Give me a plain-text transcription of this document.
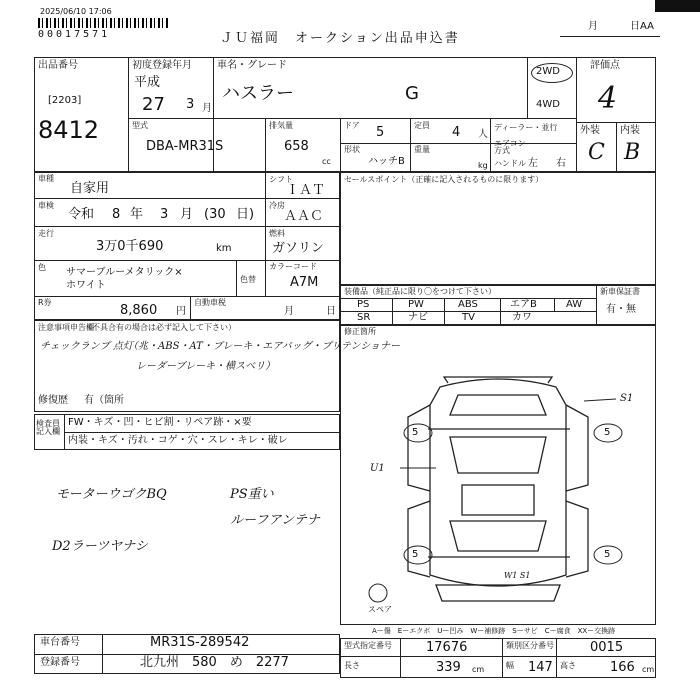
2025/06/10 17:06
00017571	ＪＵ福岡　オークション出品申込書
月	日AA
出品番号
[2203]
8412
初度登録年月
平成
27 3 月
車名・グレード
ハスラー	G
2WD
4WD
型式
DBA-MR31S
排気量
658
cc
ドア 5	定員 4 人
形状
ハッチB
重量
kg
ディーラー・並行
エアコン
方式
ハンドル 左 右
評価点
4
外装 内装
C B
車種
自家用
車検
令和 8 年 3 月 (30 日)
走行
3万0千690	km
色 サマーブルーメタリック×
ホワイト
色替
シフト
ＩＡＴ
冷房
ＡＡＣ
燃料
ガソリン
カラーコード
A7M
R券
8,860 円
自動車税
月	日
セールスポイント（正確に記入されるものに限ります）
装備品（純正品に限り〇をつけて下さい）	新車保証書
有・無
PS	PW	ABS	エアB	AW
SR	ナビ	TV	カワ
注意事項申告欄
（不具合有の場合は必ず記入して下さい）
チェックランプ 点灯
（兆・ABS・AT・ブレーキ・エアバッグ・プリテンショナー
レーダーブレーキ・横スベリ）
修復歴 有（箇所
検査員記入欄
FW・キズ・凹・ヒビ割・リペア跡・×要
内装・キズ・汚れ・コゲ・穴・スレ・キレ・破レ
モーターウゴクBQ	PS重い
ルーフアンテナ
D2ラーツヤナシ
修正箇所
5	5
5	5
S1
U1
W1 S1
スペア
Aー傷　Eーエクボ　Uー凹み　Wー補修跡　Sーサビ　Cー腐食　XXー交換跡
車台番号	MR31S-289542
登録番号	北九州　580　め　2277
型式指定番号	17676	類別区分番号	0015
長さ	339 cm	幅 147 高さ	166 cm
